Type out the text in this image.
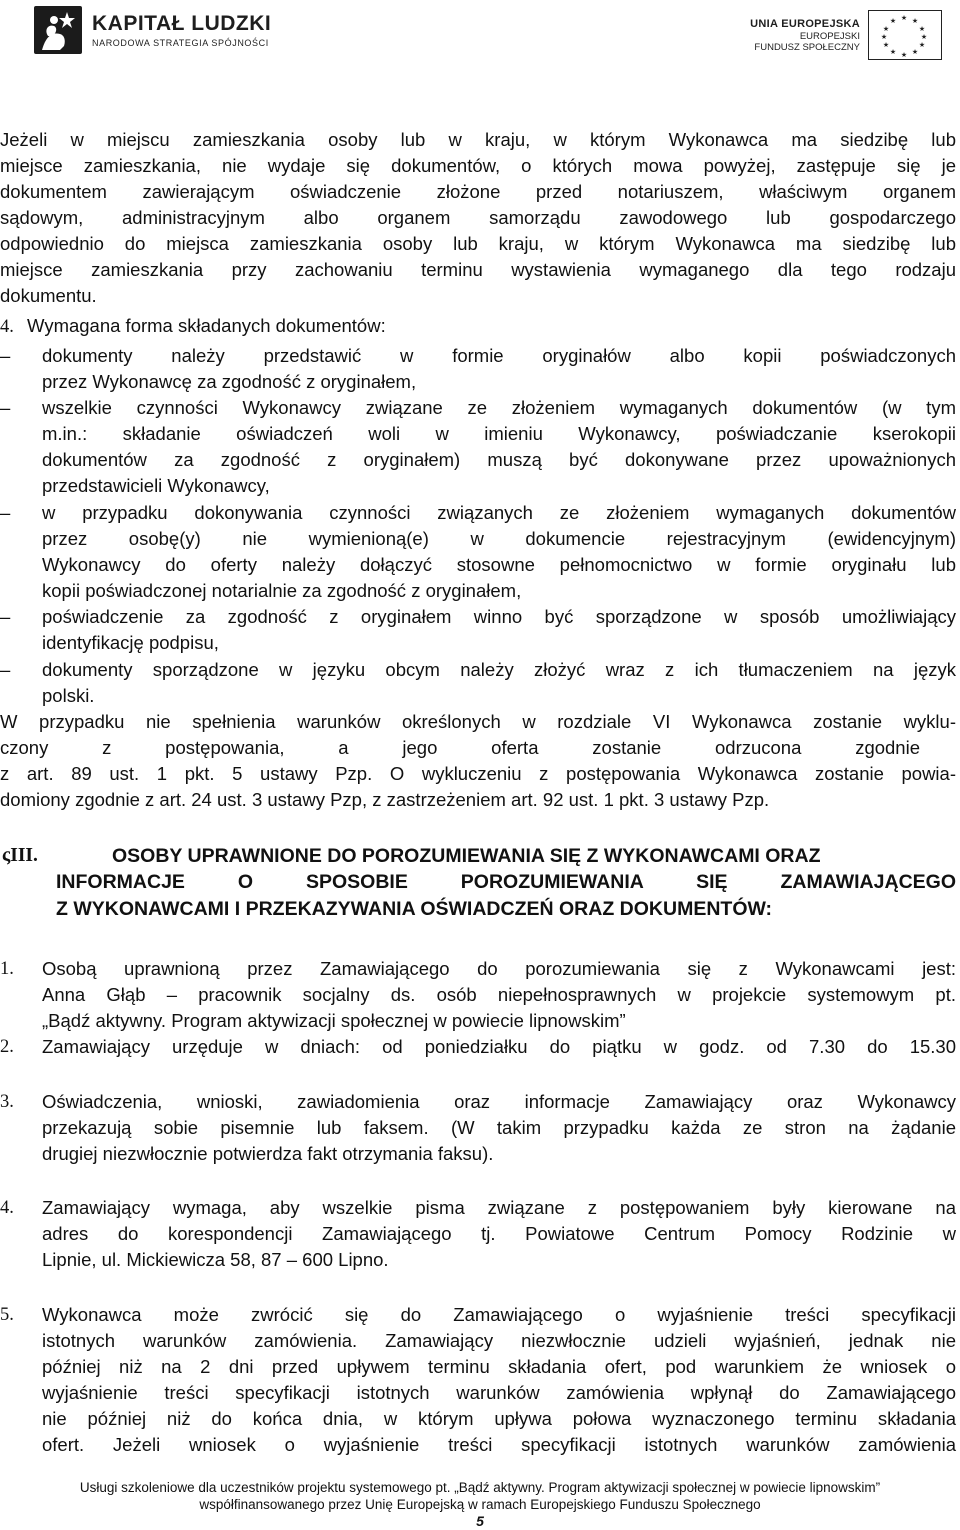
KAPITAŁ LUDZKI
NARODOWA STRATEGIA SPÓJNOŚCI
UNIA EUROPEJSKA
EUROPEJSKI
FUNDUSZ SPOŁECZNY
★ ★
★
★
★
★
★
★
★
★
★
★
Jeżeli w miejscu zamieszkania osoby lub w kraju, w którym Wykonawca ma siedzibę lub
miejsce zamieszkania, nie wydaje się dokumentów, o których mowa powyżej, zastępuje się je
dokumentem zawierającym oświadczenie złożone przed notariuszem, właściwym organem
sądowym, administracyjnym albo organem samorządu zawodowego lub gospodarczego
odpowiednio do miejsca zamieszkania osoby lub kraju, w którym Wykonawca ma siedzibę lub
miejsce zamieszkania przy zachowaniu terminu wystawienia wymaganego dla tego rodzaju
dokumentu.
4. Wymagana forma składanych dokumentów:
–	dokumenty należy przedstawić w formie oryginałów albo kopii poświadczonych
przez Wykonawcę za zgodność z oryginałem,
–	wszelkie czynności Wykonawcy związane ze złożeniem wymaganych dokumentów (w tym
m.in.: składanie oświadczeń woli w imieniu Wykonawcy, poświadczanie kserokopii
dokumentów za zgodność z oryginałem) muszą być dokonywane przez upoważnionych
przedstawicieli Wykonawcy,
–	w przypadku dokonywania czynności związanych ze złożeniem wymaganych dokumentów
przez osobę(y) nie wymienioną(e) w dokumencie rejestracyjnym (ewidencyjnym)
Wykonawcy do oferty należy dołączyć stosowne pełnomocnictwo w formie oryginału lub
kopii poświadczonej notarialnie za zgodność z oryginałem,
–	poświadczenie za zgodność z oryginałem winno być sporządzone w sposób umożliwiający
identyfikację podpisu,
–	dokumenty sporządzone w języku obcym należy złożyć wraz z ich tłumaczeniem na język
polski.
W przypadku nie spełnienia warunków określonych w rozdziale VI Wykonawca zostanie wyklu-
czony z postępowania, a jego oferta zostanie odrzucona zgodnie
z art. 89 ust. 1 pkt. 5 ustawy Pzp. O wykluczeniu z postępowania Wykonawca zostanie powia-
domiony zgodnie z art. 24 ust. 3 ustawy Pzp, z zastrzeżeniem art. 92 ust. 1 pkt. 3 ustawy Pzp.
ςIII.	OSOBY UPRAWNIONE DO POROZUMIEWANIA SIĘ Z WYKONAWCAMI ORAZ
INFORMACJE O SPOSOBIE POROZUMIEWANIA SIĘ ZAMAWIAJĄCEGO
Z WYKONAWCAMI I PRZEKAZYWANIA OŚWIADCZEŃ ORAZ DOKUMENTÓW:
1.	Osobą uprawnioną przez Zamawiającego do porozumiewania się z Wykonawcami jest:
Anna Głąb – pracownik socjalny ds. osób niepełnosprawnych w projekcie systemowym pt.
„Bądź aktywny. Program aktywizacji społecznej w powiecie lipnowskim”
2.	Zamawiający urzęduje w dniach: od poniedziałku do piątku w godz. od 7.30 do 15.30
3.	Oświadczenia, wnioski, zawiadomienia oraz informacje Zamawiający oraz Wykonawcy
przekazują sobie pisemnie lub faksem. (W takim przypadku każda ze stron na żądanie
drugiej niezwłocznie potwierdza fakt otrzymania faksu).
4.	Zamawiający wymaga, aby wszelkie pisma związane z postępowaniem były kierowane na
adres do korespondencji Zamawiającego tj. Powiatowe Centrum Pomocy Rodzinie w
Lipnie, ul. Mickiewicza 58, 87 – 600 Lipno.
5.	Wykonawca może zwrócić się do Zamawiającego o wyjaśnienie treści specyfikacji
istotnych warunków zamówienia. Zamawiający niezwłocznie udzieli wyjaśnień, jednak nie
później niż na 2 dni przed upływem terminu składania ofert, pod warunkiem że wniosek o
wyjaśnienie treści specyfikacji istotnych warunków zamówienia wpłynął do Zamawiającego
nie później niż do końca dnia, w którym upływa połowa wyznaczonego terminu składania
ofert. Jeżeli wniosek o wyjaśnienie treści specyfikacji istotnych warunków zamówienia
Usługi szkoleniowe dla uczestników projektu systemowego pt. „Bądź aktywny. Program aktywizacji społecznej w powiecie lipnowskim”
współfinansowanego przez Unię Europejską w ramach Europejskiego Funduszu Społecznego
5
